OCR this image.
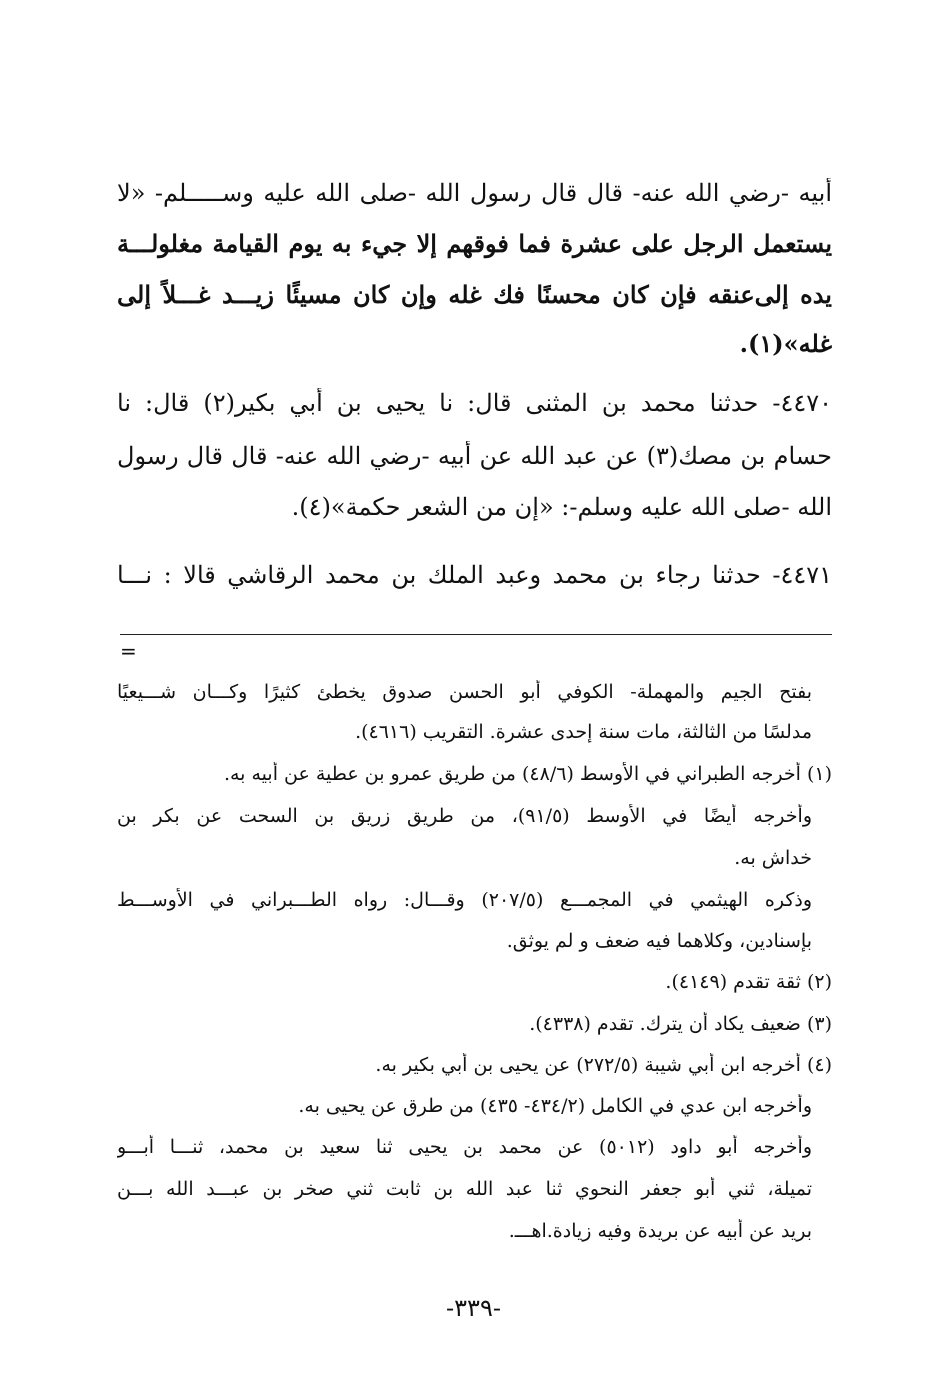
أبيه -رضي الله عنه- قال قال رسول الله -صلى الله عليه وســـــلم- «لا
يستعمل الرجل على عشرة فما فوقهم إلا جيء به يوم القيامة مغلولـــة
يده إلى‌عنقه فإن كان محسنًا فك غله وإن كان مسيئًا زيـــد غـــلاً إلى
غله»(١).
٤٤٧٠- حدثنا محمد بن المثنى قال: نا يحيى بن أبي بكير(٢) قال: نا
حسام بن مصك(٣) عن عبد الله عن أبيه -رضي الله عنه- قال قال رسول
الله -صلى الله عليه وسلم-: «إن من الشعر حكمة»(٤).
٤٤٧١- حدثنا رجاء بن محمد وعبد الملك بن محمد الرقاشي قالا : نـــا
=
بفتح الجيم والمهملة- الكوفي أبو الحسن صدوق يخطئ كثيرًا وكـــان شـــيعيًا
مدلسًا من الثالثة، مات سنة إحدى عشرة. التقريب (٤٦١٦).
(١) أخرجه الطبراني في الأوسط (٤٨/٦) من طريق عمرو بن عطية عن أبيه به.
وأخرجه أيضًا في الأوسط (٩١/٥)، من طريق زريق بن السحت عن بكر بن
خداش به.
وذكره الهيثمي في المجمـــع (٢٠٧/٥) وقـــال: رواه الطـــبراني في الأوســـط
بإسنادين، وكلاهما فيه ضعف و لم يوثق.
(٢) ثقة تقدم (٤١٤٩).
(٣) ضعيف يكاد أن يترك. تقدم (٤٣٣٨).
(٤) أخرجه ابن أبي شيبة (٢٧٢/٥) عن يحيى بن أبي بكير به.
وأخرجه ابن عدي في الكامل (٤٣٤/٢- ٤٣٥) من طرق عن يحيى به.
وأخرجه أبو داود (٥٠١٢) عن محمد بن يحيى ثنا سعيد بن محمد، ثنـــا أبـــو
تميلة، ثني أبو جعفر النحوي ثنا عبد الله بن ثابت ثني صخر بن عبـــد الله بـــن
بريد عن أبيه عن بريدة وفيه زيادة.اهـــ.
-٣٣٩-
